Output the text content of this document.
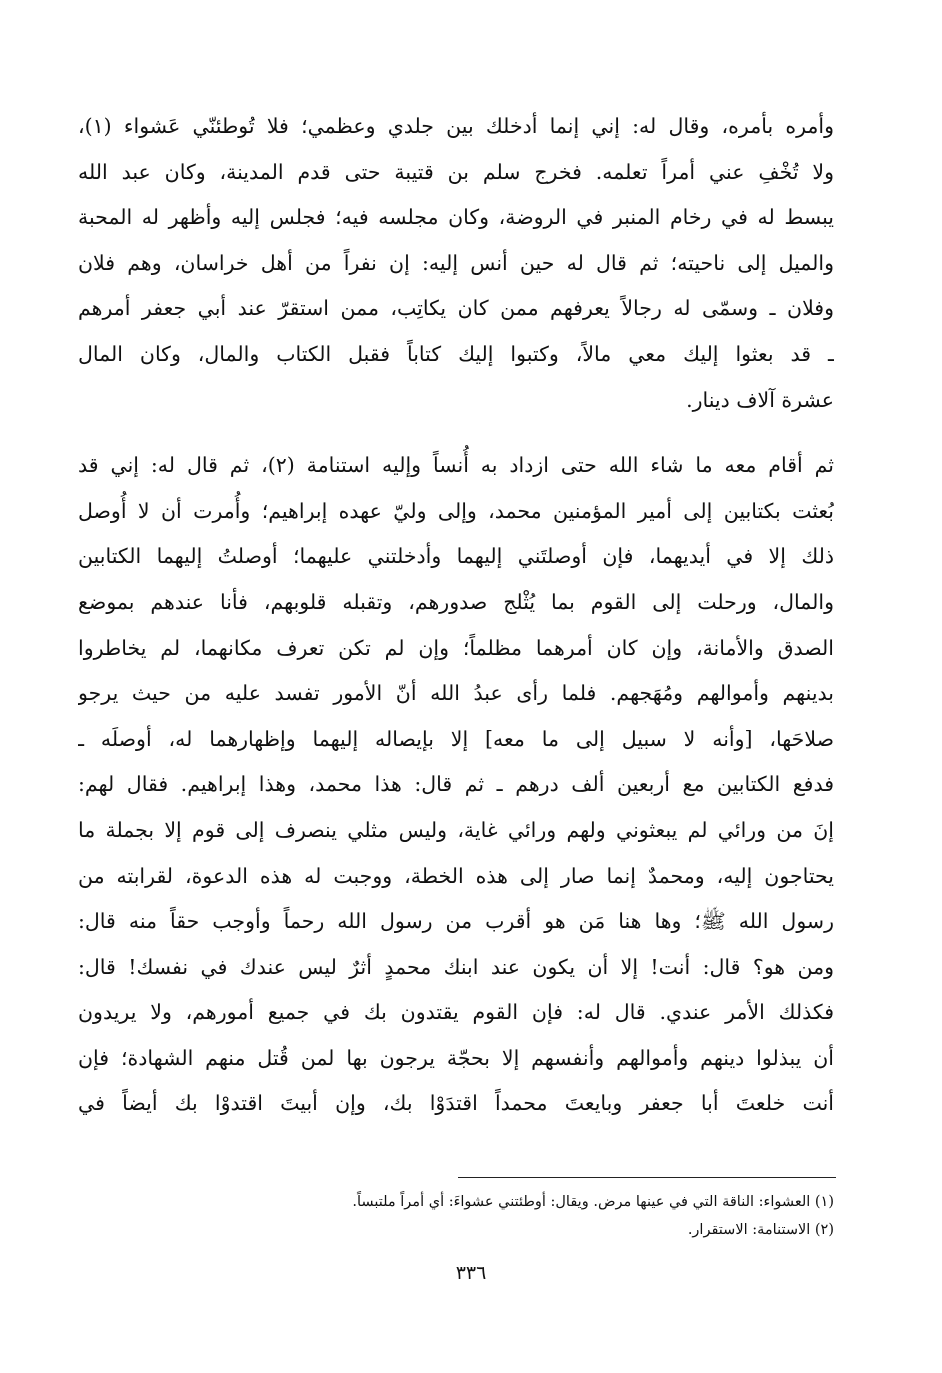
وأمره بأمره، وقال له: إني إنما أدخلك بين جلدي وعظمي؛ فلا تُوطئنّي عَشواء (١)،
ولا تُخْفِ عني أمراً تعلمه. فخرج سلم بن قتيبة حتى قدم المدينة، وكان عبد الله
يبسط له في رخام المنبر في الروضة، وكان مجلسه فيه؛ فجلس إليه وأظهر له المحبة
والميل إلى ناحيته؛ ثم قال له حين أنس إليه: إن نفراً من أهل خراسان، وهم فلان
وفلان ـ وسمّى له رجالاً يعرفهم ممن كان يكاتِب، ممن استقرّ عند أبي جعفر أمرهم
ـ قد بعثوا إليك معي مالاً، وكتبوا إليك كتاباً فقبل الكتاب والمال، وكان المال
عشرة آلاف دينار.
ثم أقام معه ما شاء الله حتى ازداد به أُنساً وإليه استنامة (٢)، ثم قال له: إني قد
بُعثت بكتابين إلى أمير المؤمنين محمد، وإلى وليّ عهده إبراهيم؛ وأُمرت أن لا أُوصل
ذلك إلا في أيديهما، فإن أوصلتَني إليهما وأدخلتني عليهما؛ أوصلتُ إليهما الكتابين
والمال، ورحلت إلى القوم بما يُثْلج صدورهم، وتقبله قلوبهم، فأنا عندهم بموضع
الصدق والأمانة، وإن كان أمرهما مظلماً؛ وإن لم تكن تعرف مكانهما، لم يخاطروا
بدينهم وأموالهم ومُهَجهم. فلما رأى عبدُ الله أنّ الأمور تفسد عليه من حيث يرجو
صلاحَها، [وأنه لا سبيل إلى ما معه] إلا بإيصاله إليهما وإظهارهما له، أوصلَه ـ
فدفع الكتابين مع أربعين ألف درهم ـ ثم قال: هذا محمد، وهذا إبراهيم. فقال لهم:
إنَ من ورائي لم يبعثوني ولهم ورائي غاية، وليس مثلي ينصرف إلى قوم إلا بجملة ما
يحتاجون إليه، ومحمدٌ إنما صار إلى هذه الخطة، ووجبت له هذه الدعوة، لقرابته من
رسول الله ﷺ؛ وها هنا مَن هو أقرب من رسول الله رحماً وأوجب حقاً منه قال:
ومن هو؟ قال: أنت! إلا أن يكون عند ابنك محمدٍ أثرٌ ليس عندك في نفسك! قال:
فكذلك الأمر عندي. قال له: فإن القوم يقتدون بك في جميع أمورهم، ولا يريدون
أن يبذلوا دينهم وأموالهم وأنفسهم إلا بحجّة يرجون بها لمن قُتل منهم الشهادة؛ فإن
أنت خلعتَ أبا جعفر وبايعتَ محمداً اقتدَوْا بك، وإن أبيتَ اقتدوْا بك أيضاً في
(١) العشواء: الناقة التي في عينها مرض. ويقال: أوطئتني عشواءَ: أي أمراً ملتبساً.
(٢) الاستنامة: الاستقرار.
٣٣٦
